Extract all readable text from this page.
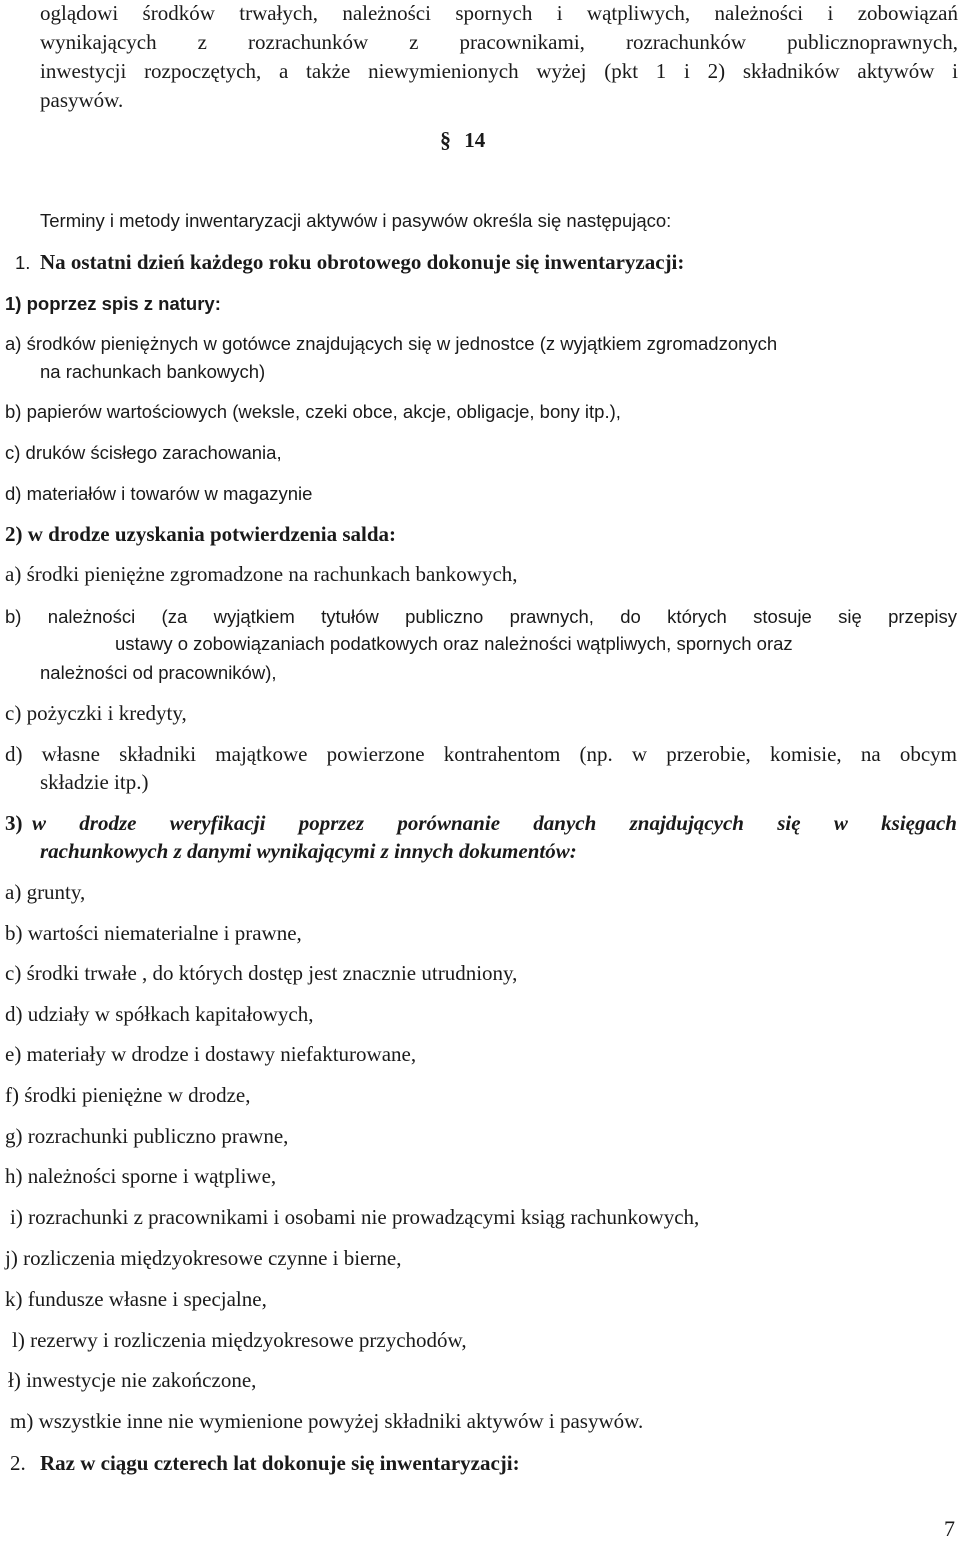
oglądowi środków trwałych, należności spornych i wątpliwych, należności i zobowiązań
wynikających z rozrachunków z pracownikami, rozrachunków publicznoprawnych,
inwestycji rozpoczętych, a także niewymienionych wyżej (pkt 1 i 2) składników aktywów i
pasywów.
§ 14
Terminy i metody inwentaryzacji aktywów i pasywów określa się następująco:
1. Na ostatni dzień każdego roku obrotowego dokonuje się inwentaryzacji:
1) poprzez spis z natury:
a) środków pieniężnych w gotówce znajdujących się w jednostce (z wyjątkiem zgromadzonych
na rachunkach bankowych)
b) papierów wartościowych (weksle, czeki obce, akcje, obligacje, bony itp.),
c) druków ścisłego zarachowania,
d) materiałów i towarów w magazynie
2) w drodze uzyskania potwierdzenia salda:
a) środki pieniężne zgromadzone na rachunkach bankowych,
b) należności (za wyjątkiem tytułów publiczno prawnych, do których stosuje się przepisy
ustawy o zobowiązaniach podatkowych oraz należności wątpliwych, spornych oraz
należności od pracowników),
c) pożyczki i kredyty,
d) własne składniki majątkowe powierzone kontrahentom (np. w przerobie, komisie, na obcym
składzie itp.)
3) w drodze weryfikacji poprzez porównanie danych znajdujących się w księgach
rachunkowych z danymi wynikającymi z innych dokumentów:
a) grunty,
b) wartości niematerialne i prawne,
c) środki trwałe , do których dostęp jest znacznie utrudniony,
d) udziały w spółkach kapitałowych,
e) materiały w drodze i dostawy niefakturowane,
f) środki pieniężne w drodze,
g) rozrachunki publiczno prawne,
h) należności sporne i wątpliwe,
i) rozrachunki z pracownikami i osobami nie prowadzącymi ksiąg rachunkowych,
j) rozliczenia międzyokresowe czynne i bierne,
k) fundusze własne i specjalne,
l) rezerwy i rozliczenia międzyokresowe przychodów,
ł) inwestycje nie zakończone,
m) wszystkie inne nie wymienione powyżej składniki aktywów i pasywów.
2. Raz w ciągu czterech lat dokonuje się inwentaryzacji:
7
